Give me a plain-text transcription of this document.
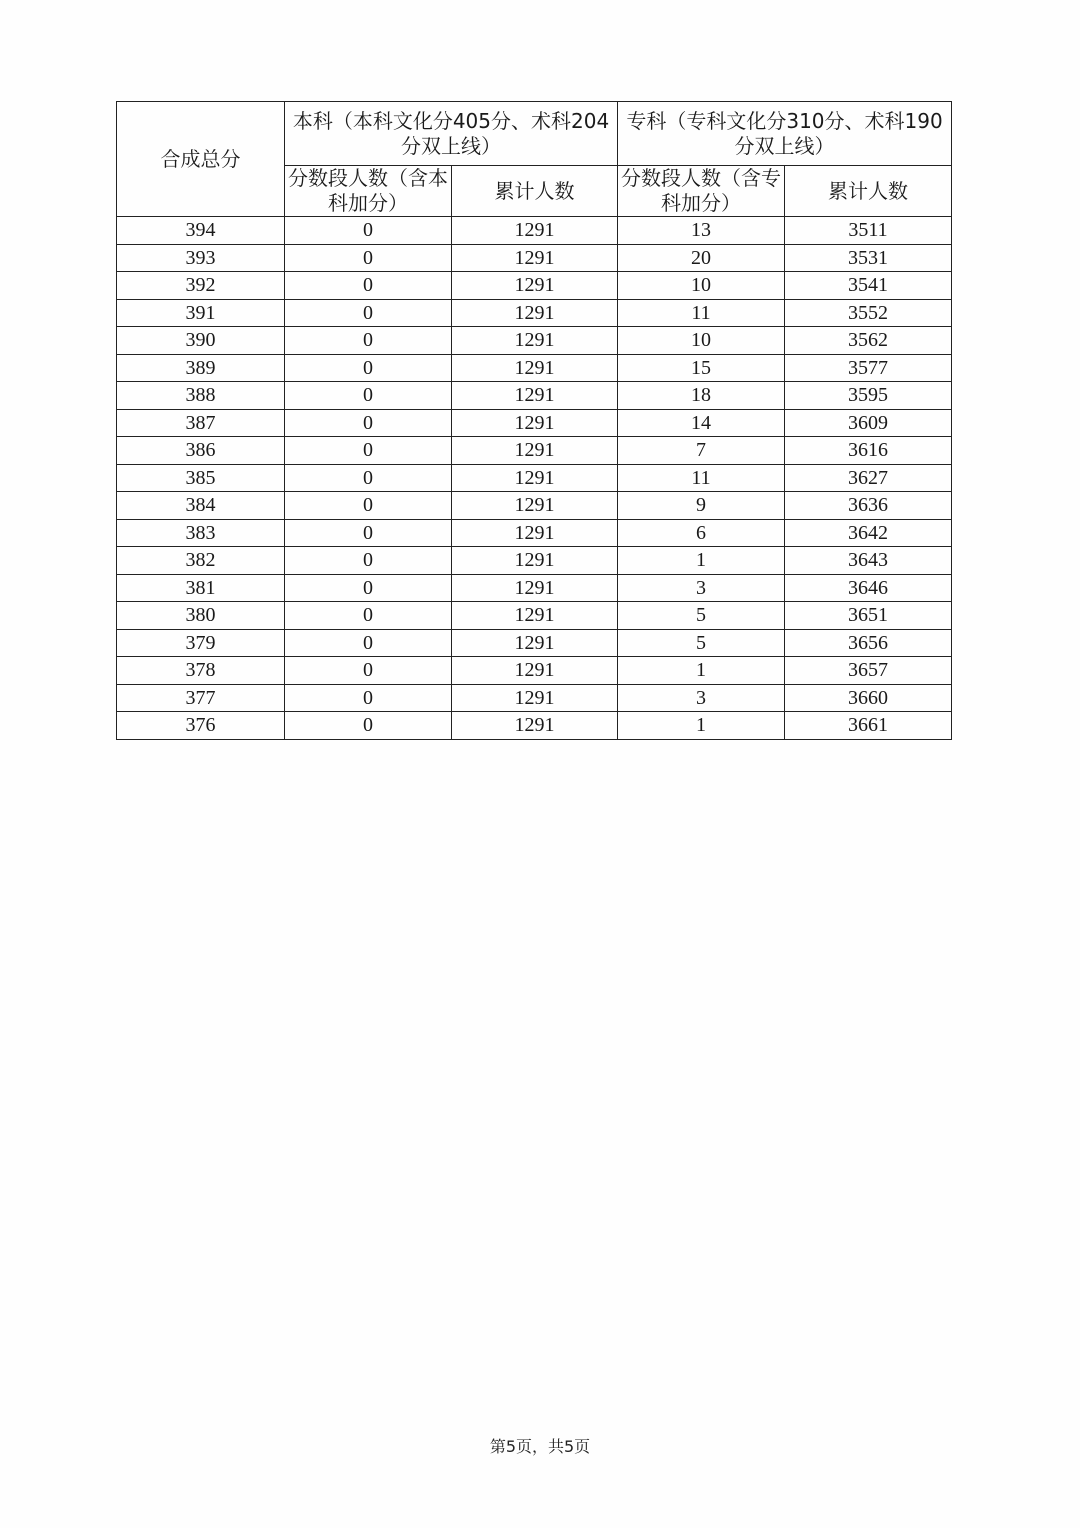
合成总分	本科（本科文化分405分、术科204分双上线）		专科（专科文化分310分、术科190分双上线）	
	分数段人数（含本科加分）	累计人数	分数段人数（含专科加分）	累计人数
394	0	1291	13	3511
393	0	1291	20	3531
392	0	1291	10	3541
391	0	1291	11	3552
390	0	1291	10	3562
389	0	1291	15	3577
388	0	1291	18	3595
387	0	1291	14	3609
386	0	1291	7	3616
385	0	1291	11	3627
384	0	1291	9	3636
383	0	1291	6	3642
382	0	1291	1	3643
381	0	1291	3	3646
380	0	1291	5	3651
379	0	1291	5	3656
378	0	1291	1	3657
377	0	1291	3	3660
376	0	1291	1	3661
第5页，共5页
